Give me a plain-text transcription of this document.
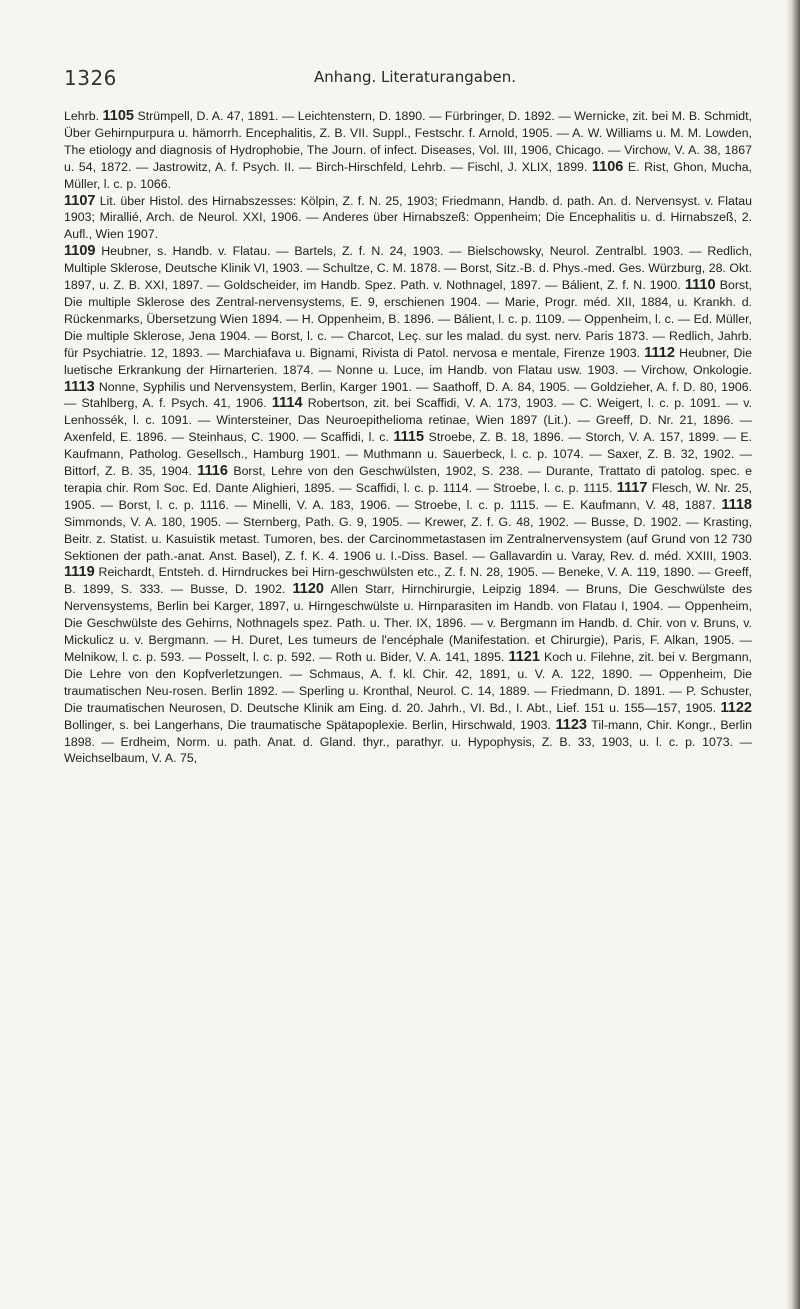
1326	Anhang. Literaturangaben.

Lehrb. 1105 Strümpell, D. A. 47, 1891. — Leichtenstern, D. 1890. — Fürbringer, D. 1892. — Wernicke, zit. bei M. B. Schmidt, Über Gehirnpurpura u. hämorrh. Encephalitis, Z. B. VII. Suppl., Festschr. f. Arnold, 1905. — A. W. Williams u. M. M. Lowden, The etiology and diagnosis of Hydrophobie, The Journ. of infect. Diseases, Vol. III, 1906, Chicago. — Virchow, V. A. 38, 1867 u. 54, 1872. — Jastrowitz, A. f. Psych. II. — Birch-Hirschfeld, Lehrb. — Fischl, J. XLIX, 1899. 1106 E. Rist, Ghon, Mucha, Müller, l. c. p. 1066.

1107 Lit. über Histol. des Hirnabszesses: Kölpin, Z. f. N. 25, 1903; Friedmann, Handb. d. path. An. d. Nervensyst. v. Flatau 1903; Mirallié, Arch. de Neurol. XXI, 1906. — Anderes über Hirnabszeß: Oppenheim; Die Encephalitis u. d. Hirnabszeß, 2. Aufl., Wien 1907.

1109 Heubner, s. Handb. v. Flatau. — Bartels, Z. f. N. 24, 1903. — Bielschowsky, Neurol. Zentralbl. 1903. — Redlich, Multiple Sklerose, Deutsche Klinik VI, 1903. — Schultze, C. M. 1878. — Borst, Sitz.-B. d. Phys.-med. Ges. Würzburg, 28. Okt. 1897, u. Z. B. XXI, 1897. — Goldscheider, im Handb. Spez. Path. v. Nothnagel, 1897. — Bálient, Z. f. N. 1900. 1110 Borst, Die multiple Sklerose des Zentral-nervensystems, E. 9, erschienen 1904. — Marie, Progr. méd. XII, 1884, u. Krankh. d. Rückenmarks, Übersetzung Wien 1894. — H. Oppenheim, B. 1896. — Bálient, l. c. p. 1109. — Oppenheim, l. c. — Ed. Müller, Die multiple Sklerose, Jena 1904. — Borst, l. c. — Charcot, Leç. sur les malad. du syst. nerv. Paris 1873. — Redlich, Jahrb. für Psychiatrie. 12, 1893. — Marchiafava u. Bignami, Rivista di Patol. nervosa e mentale, Firenze 1903. 1112 Heubner, Die luetische Erkrankung der Hirnarterien. 1874. — Nonne u. Luce, im Handb. von Flatau usw. 1903. — Virchow, Onkologie. 1113 Nonne, Syphilis und Nervensystem, Berlin, Karger 1901. — Saathoff, D. A. 84, 1905. — Goldzieher, A. f. D. 80, 1906. — Stahlberg, A. f. Psych. 41, 1906. 1114 Robertson, zit. bei Scaffidi, V. A. 173, 1903. — C. Weigert, l. c. p. 1091. — v. Lenhossék, l. c. 1091. — Wintersteiner, Das Neuroepithelioma retinae, Wien 1897 (Lit.). — Greeff, D. Nr. 21, 1896. — Axenfeld, E. 1896. — Steinhaus, C. 1900. — Scaffidi, l. c. 1115 Stroebe, Z. B. 18, 1896. — Storch, V. A. 157, 1899. — E. Kaufmann, Patholog. Gesellsch., Hamburg 1901. — Muthmann u. Sauerbeck, l. c. p. 1074. — Saxer, Z. B. 32, 1902. — Bittorf, Z. B. 35, 1904. 1116 Borst, Lehre von den Geschwülsten, 1902, S. 238. — Durante, Trattato di patolog. spec. e terapia chir. Rom Soc. Ed. Dante Alighieri, 1895. — Scaffidi, l. c. p. 1114. — Stroebe, l. c. p. 1115. 1117 Flesch, W. Nr. 25, 1905. — Borst, l. c. p. 1116. — Minelli, V. A. 183, 1906. — Stroebe, l. c. p. 1115. — E. Kaufmann, V. 48, 1887. 1118 Simmonds, V. A. 180, 1905. — Sternberg, Path. G. 9, 1905. — Krewer, Z. f. G. 48, 1902. — Busse, D. 1902. — Krasting, Beitr. z. Statist. u. Kasuistik metast. Tumoren, bes. der Carcinommetastasen im Zentralnervensystem (auf Grund von 12 730 Sektionen der path.-anat. Anst. Basel), Z. f. K. 4. 1906 u. I.-Diss. Basel. — Gallavardin u. Varay, Rev. d. méd. XXIII, 1903. 1119 Reichardt, Entsteh. d. Hirndruckes bei Hirn-geschwülsten etc., Z. f. N. 28, 1905. — Beneke, V. A. 119, 1890. — Greeff, B. 1899, S. 333. — Busse, D. 1902. 1120 Allen Starr, Hirnchirurgie, Leipzig 1894. — Bruns, Die Geschwülste des Nervensystems, Berlin bei Karger, 1897, u. Hirngeschwülste u. Hirnparasiten im Handb. von Flatau I, 1904. — Oppenheim, Die Geschwülste des Gehirns, Nothnagels spez. Path. u. Ther. IX, 1896. — v. Bergmann im Handb. d. Chir. von v. Bruns, v. Mickulicz u. v. Bergmann. — H. Duret, Les tumeurs de l'encéphale (Manifestation. et Chirurgie), Paris, F. Alkan, 1905. — Melnikow, l. c. p. 593. — Posselt, l. c. p. 592. — Roth u. Bider, V. A. 141, 1895. 1121 Koch u. Filehne, zit. bei v. Bergmann, Die Lehre von den Kopfverletzungen. — Schmaus, A. f. kl. Chir. 42, 1891, u. V. A. 122, 1890. — Oppenheim, Die traumatischen Neu-rosen. Berlin 1892. — Sperling u. Kronthal, Neurol. C. 14, 1889. — Friedmann, D. 1891. — P. Schuster, Die traumatischen Neurosen, D. Deutsche Klinik am Eing. d. 20. Jahrh., VI. Bd., I. Abt., Lief. 151 u. 155—157, 1905. 1122 Bollinger, s. bei Langerhans, Die traumatische Spätapoplexie. Berlin, Hirschwald, 1903. 1123 Til-mann, Chir. Kongr., Berlin 1898. — Erdheim, Norm. u. path. Anat. d. Gland. thyr., parathyr. u. Hypophysis, Z. B. 33, 1903, u. l. c. p. 1073. — Weichselbaum, V. A. 75,
